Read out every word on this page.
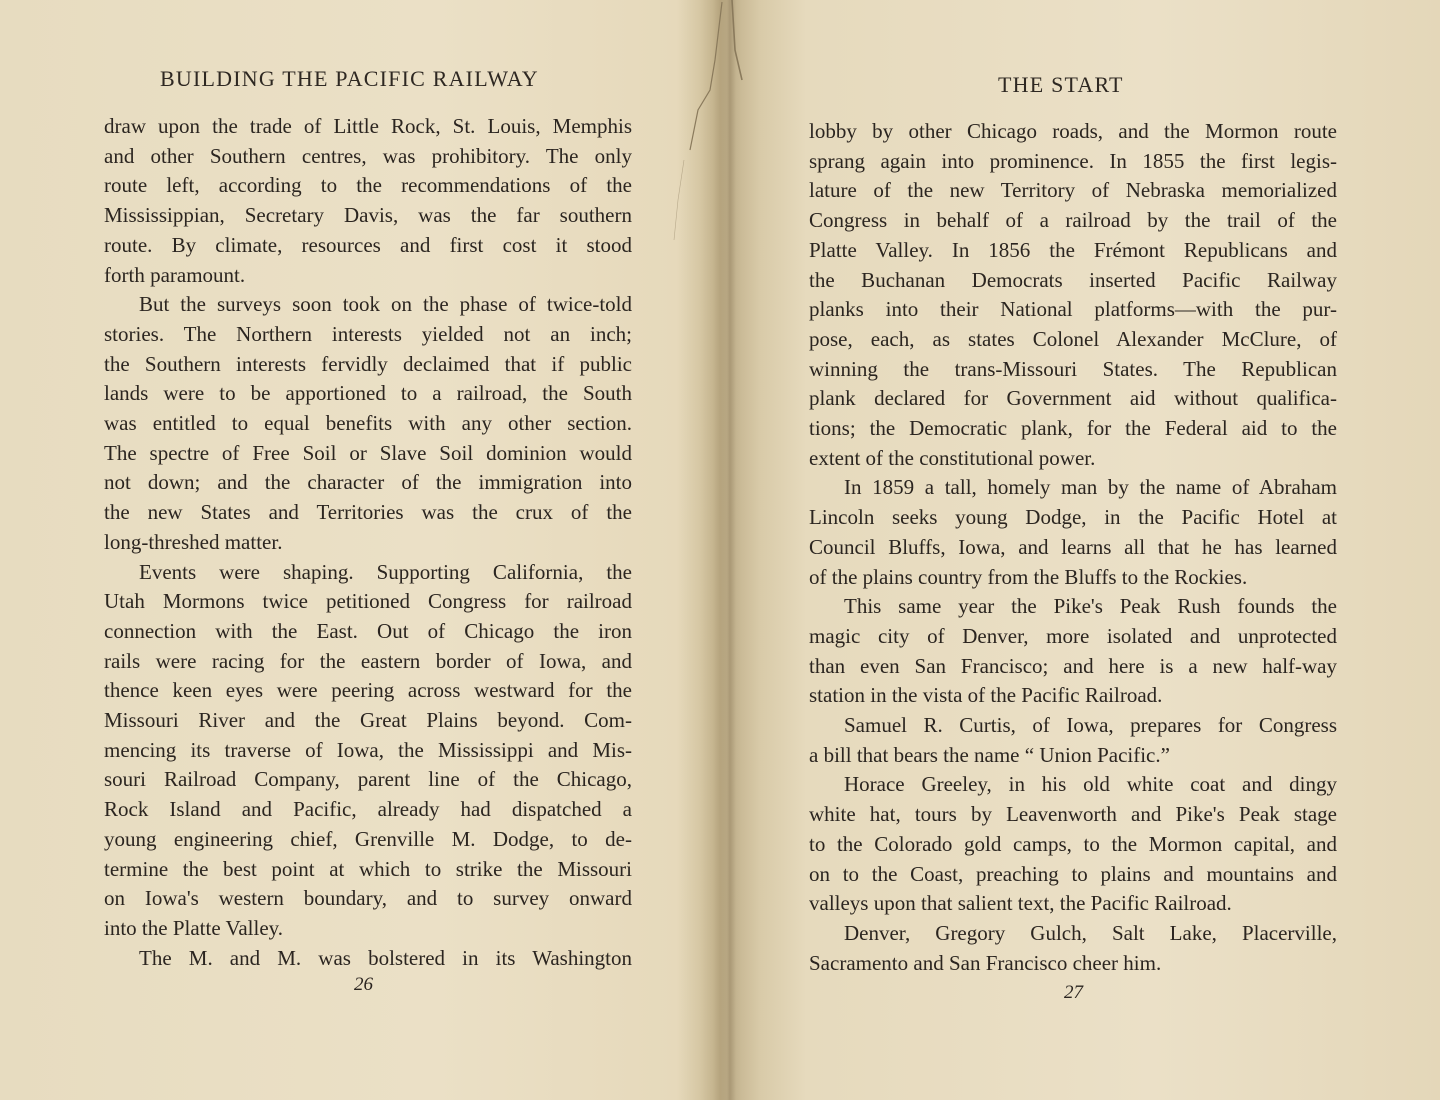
BUILDING THE PACIFIC RAILWAY
draw upon the trade of Little Rock, St. Louis, Memphis
and other Southern centres, was prohibitory. The only
route left, according to the recommendations of the
Mississippian, Secretary Davis, was the far southern
route. By climate, resources and first cost it stood
forth paramount.
But the surveys soon took on the phase of twice-told
stories. The Northern interests yielded not an inch;
the Southern interests fervidly declaimed that if public
lands were to be apportioned to a railroad, the South
was entitled to equal benefits with any other section.
The spectre of Free Soil or Slave Soil dominion would
not down; and the character of the immigration into
the new States and Territories was the crux of the
long-threshed matter.
Events were shaping. Supporting California, the
Utah Mormons twice petitioned Congress for railroad
connection with the East. Out of Chicago the iron
rails were racing for the eastern border of Iowa, and
thence keen eyes were peering across westward for the
Missouri River and the Great Plains beyond. Com-
mencing its traverse of Iowa, the Mississippi and Mis-
souri Railroad Company, parent line of the Chicago,
Rock Island and Pacific, already had dispatched a
young engineering chief, Grenville M. Dodge, to de-
termine the best point at which to strike the Missouri
on Iowa's western boundary, and to survey onward
into the Platte Valley.
The M. and M. was bolstered in its Washington
26
THE START
lobby by other Chicago roads, and the Mormon route
sprang again into prominence. In 1855 the first legis-
lature of the new Territory of Nebraska memorialized
Congress in behalf of a railroad by the trail of the
Platte Valley. In 1856 the Frémont Republicans and
the Buchanan Democrats inserted Pacific Railway
planks into their National platforms—with the pur-
pose, each, as states Colonel Alexander McClure, of
winning the trans-Missouri States. The Republican
plank declared for Government aid without qualifica-
tions; the Democratic plank, for the Federal aid to the
extent of the constitutional power.
In 1859 a tall, homely man by the name of Abraham
Lincoln seeks young Dodge, in the Pacific Hotel at
Council Bluffs, Iowa, and learns all that he has learned
of the plains country from the Bluffs to the Rockies.
This same year the Pike's Peak Rush founds the
magic city of Denver, more isolated and unprotected
than even San Francisco; and here is a new half-way
station in the vista of the Pacific Railroad.
Samuel R. Curtis, of Iowa, prepares for Congress
a bill that bears the name “ Union Pacific.”
Horace Greeley, in his old white coat and dingy
white hat, tours by Leavenworth and Pike's Peak stage
to the Colorado gold camps, to the Mormon capital, and
on to the Coast, preaching to plains and mountains and
valleys upon that salient text, the Pacific Railroad.
Denver, Gregory Gulch, Salt Lake, Placerville,
Sacramento and San Francisco cheer him.
27
